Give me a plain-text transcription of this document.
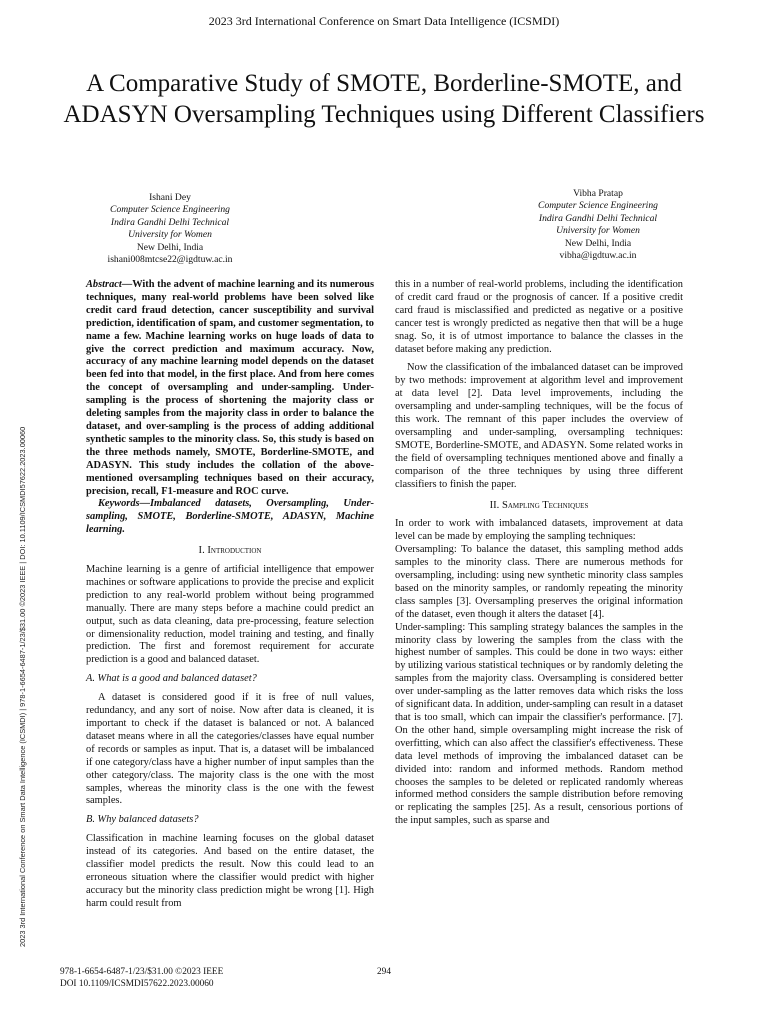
2023 3rd International Conference on Smart Data Intelligence (ICSMDI)
A Comparative Study of SMOTE, Borderline-SMOTE, and ADASYN Oversampling Techniques using Different Classifiers
Ishani Dey
Computer Science Engineering
Indira Gandhi Delhi Technical
University for Women
New Delhi, India
ishani008mtcse22@igdtuw.ac.in
Vibha Pratap
Computer Science Engineering
Indira Gandhi Delhi Technical
University for Women
New Delhi, India
vibha@igdtuw.ac.in
2023 3rd International Conference on Smart Data Intelligence (ICSMDI) | 978-1-6654-6487-1/23/$31.00 ©2023 IEEE | DOI: 10.1109/ICSMDI57622.2023.00060

Abstract—With the advent of machine learning and its numerous techniques, many real-world problems have been solved like credit card fraud detection, cancer susceptibility and survival prediction, identification of spam, and customer segmentation, to name a few. Machine learning works on huge loads of data to give the correct prediction and maximum accuracy. Now, accuracy of any machine learning model depends on the dataset been fed into that model, in the first place. And from here comes the concept of oversampling and under-sampling. Under-sampling is the process of shortening the majority class or deleting samples from the majority class in order to balance the dataset, and over-sampling is the process of adding additional synthetic samples to the minority class. So, this study is based on the three methods namely, SMOTE, Borderline-SMOTE, and ADASYN. This study includes the collation of the above-mentioned oversampling techniques based on their accuracy, precision, recall, F1-measure and ROC curve.

Keywords—Imbalanced datasets, Oversampling, Under-sampling, SMOTE, Borderline-SMOTE, ADASYN, Machine learning.

I. Introduction

Machine learning is a genre of artificial intelligence that empower machines or software applications to provide the precise and explicit prediction to any real-world problem without being programmed manually. There are many steps before a machine could predict an output, such as data cleaning, data pre-processing, feature selection or dimensionality reduction, model training and testing, and finally prediction. The first and foremost requirement for accurate prediction is a good and balanced dataset.

A. What is a good and balanced dataset?

A dataset is considered good if it is free of null values, redundancy, and any sort of noise. Now after data is cleaned, it is important to check if the dataset is balanced or not. A balanced dataset means where in all the categories/classes have equal number of records or samples as input. That is, a dataset will be imbalanced if one category/class have a higher number of input samples than the other category/class. The majority class is the one with the most samples, whereas the minority class is the one with the fewest samples.

B. Why balanced datasets?

Classification in machine learning focuses on the global dataset instead of its categories. And based on the entire dataset, the classifier model predicts the result. Now this could lead to an erroneous situation where the classifier would predict with higher accuracy but the minority class prediction might be wrong [1]. High harm could result from

this in a number of real-world problems, including the identification of credit card fraud or the prognosis of cancer. If a positive credit card fraud is misclassified and predicted as negative or a positive cancer test is wrongly predicted as negative then that will be a huge snag. So, it is of utmost importance to balance the classes in the dataset before making any prediction.

Now the classification of the imbalanced dataset can be improved by two methods: improvement at algorithm level and improvement at data level [2]. Data level improvements, including the oversampling and under-sampling techniques, will be the focus of this work. The remnant of this paper includes the overview of oversampling and under-sampling, oversampling techniques: SMOTE, Borderline-SMOTE, and ADASYN. Some related works in the field of oversampling techniques mentioned above and finally a comparison of the three techniques by using three different classifiers to finish the paper.

II. Sampling Techniques

In order to work with imbalanced datasets, improvement at data level can be made by employing the sampling techniques:

Oversampling: To balance the dataset, this sampling method adds samples to the minority class. There are numerous methods for oversampling, including: using new synthetic minority class samples based on the minority samples, or randomly repeating the minority class samples [3]. Oversampling preserves the original information of the dataset, even though it alters the dataset [4].

Under-sampling: This sampling strategy balances the samples in the minority class by lowering the samples from the class with the highest number of samples. This could be done in two ways: either by utilizing various statistical techniques or by randomly deleting the samples from the majority class. Oversampling is considered better over under-sampling as the latter removes data which risks the loss of significant data. In addition, under-sampling can result in a dataset that is too small, which can impair the classifier's performance. [7]. On the other hand, simple oversampling might increase the risk of overfitting, which can also affect the classifier's effectiveness. These data level methods of improving the imbalanced dataset can be divided into: random and informed methods. Random method chooses the samples to be deleted or replicated randomly whereas informed method considers the sample distribution before removing or replicating the samples [25]. As a result, censorious portions of the input samples, such as sparse and

978-1-6654-6487-1/23/$31.00 ©2023 IEEE
DOI 10.1109/ICSMDI57622.2023.00060
294
